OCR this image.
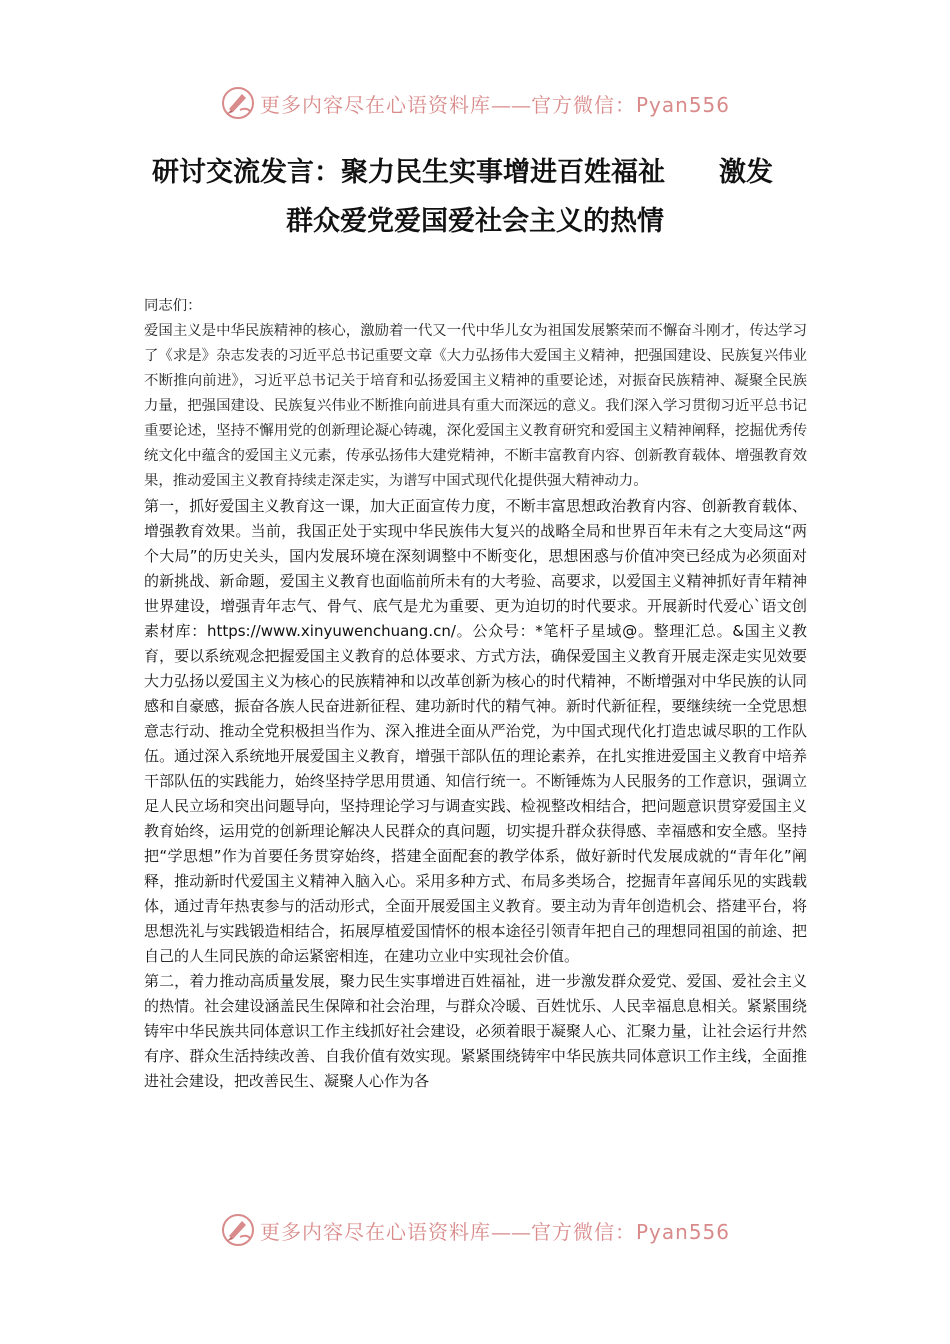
更多内容尽在心语资料库——官方微信：Pyan556
研讨交流发言：聚力民生实事增进百姓福祉　　激发
群众爱党爱国爱社会主义的热情

同志们：

爱国主义是中华民族精神的核心，激励着一代又一代中华儿女为祖国发展繁荣而不懈奋斗刚才，传达学习了《求是》杂志发表的习近平总书记重要文章《大力弘扬伟大爱国主义精神，把强国建设、民族复兴伟业不断推向前进》，习近平总书记关于培育和弘扬爱国主义精神的重要论述，对振奋民族精神、凝聚全民族力量，把强国建设、民族复兴伟业不断推向前进具有重大而深远的意义。我们深入学习贯彻习近平总书记重要论述，坚持不懈用党的创新理论凝心铸魂，深化爱国主义教育研究和爱国主义精神阐释，挖掘优秀传统文化中蕴含的爱国主义元素，传承弘扬伟大建党精神，不断丰富教育内容、创新教育载体、增强教育效果，推动爱国主义教育持续走深走实，为谱写中国式现代化提供强大精神动力。

第一，抓好爱国主义教育这一课，加大正面宣传力度，不断丰富思想政治教育内容、创新教育载体、增强教育效果。当前，我国正处于实现中华民族伟大复兴的战略全局和世界百年未有之大变局这“两个大局”的历史关头，国内发展环境在深刻调整中不断变化，思想困惑与价值冲突已经成为必须面对的新挑战、新命题，爱国主义教育也面临前所未有的大考验、高要求，以爱国主义精神抓好青年精神世界建设，增强青年志气、骨气、底气是尤为重要、更为迫切的时代要求。开展新时代爱心`语文创素材库：https://www.xinyuwenchuang.cn/。公众号：*笔杆子星域@。整理汇总。&国主义教育，要以系统观念把握爱国主义教育的总体要求、方式方法，确保爱国主义教育开展走深走实见效要大力弘扬以爱国主义为核心的民族精神和以改革创新为核心的时代精神，不断增强对中华民族的认同感和自豪感，振奋各族人民奋进新征程、建功新时代的精气神。新时代新征程，要继续统一全党思想意志行动、推动全党积极担当作为、深入推进全面从严治党，为中国式现代化打造忠诚尽职的工作队伍。通过深入系统地开展爱国主义教育，增强干部队伍的理论素养，在扎实推进爱国主义教育中培养干部队伍的实践能力，始终坚持学思用贯通、知信行统一。不断锤炼为人民服务的工作意识，强调立足人民立场和突出问题导向，坚持理论学习与调查实践、检视整改相结合，把问题意识贯穿爱国主义教育始终，运用党的创新理论解决人民群众的真问题，切实提升群众获得感、幸福感和安全感。坚持把“学思想”作为首要任务贯穿始终，搭建全面配套的教学体系，做好新时代发展成就的“青年化”阐释，推动新时代爱国主义精神入脑入心。采用多种方式、布局多类场合，挖掘青年喜闻乐见的实践载体，通过青年热衷参与的活动形式，全面开展爱国主义教育。要主动为青年创造机会、搭建平台，将思想洗礼与实践锻造相结合，拓展厚植爱国情怀的根本途径引领青年把自己的理想同祖国的前途、把自己的人生同民族的命运紧密相连，在建功立业中实现社会价值。

第二，着力推动高质量发展，聚力民生实事增进百姓福祉，进一步激发群众爱党、爱国、爱社会主义的热情。社会建设涵盖民生保障和社会治理，与群众冷暖、百姓忧乐、人民幸福息息相关。紧紧围绕铸牢中华民族共同体意识工作主线抓好社会建设，必须着眼于凝聚人心、汇聚力量，让社会运行井然有序、群众生活持续改善、自我价值有效实现。紧紧围绕铸牢中华民族共同体意识工作主线，全面推进社会建设，把改善民生、凝聚人心作为各

更多内容尽在心语资料库——官方微信：Pyan556
